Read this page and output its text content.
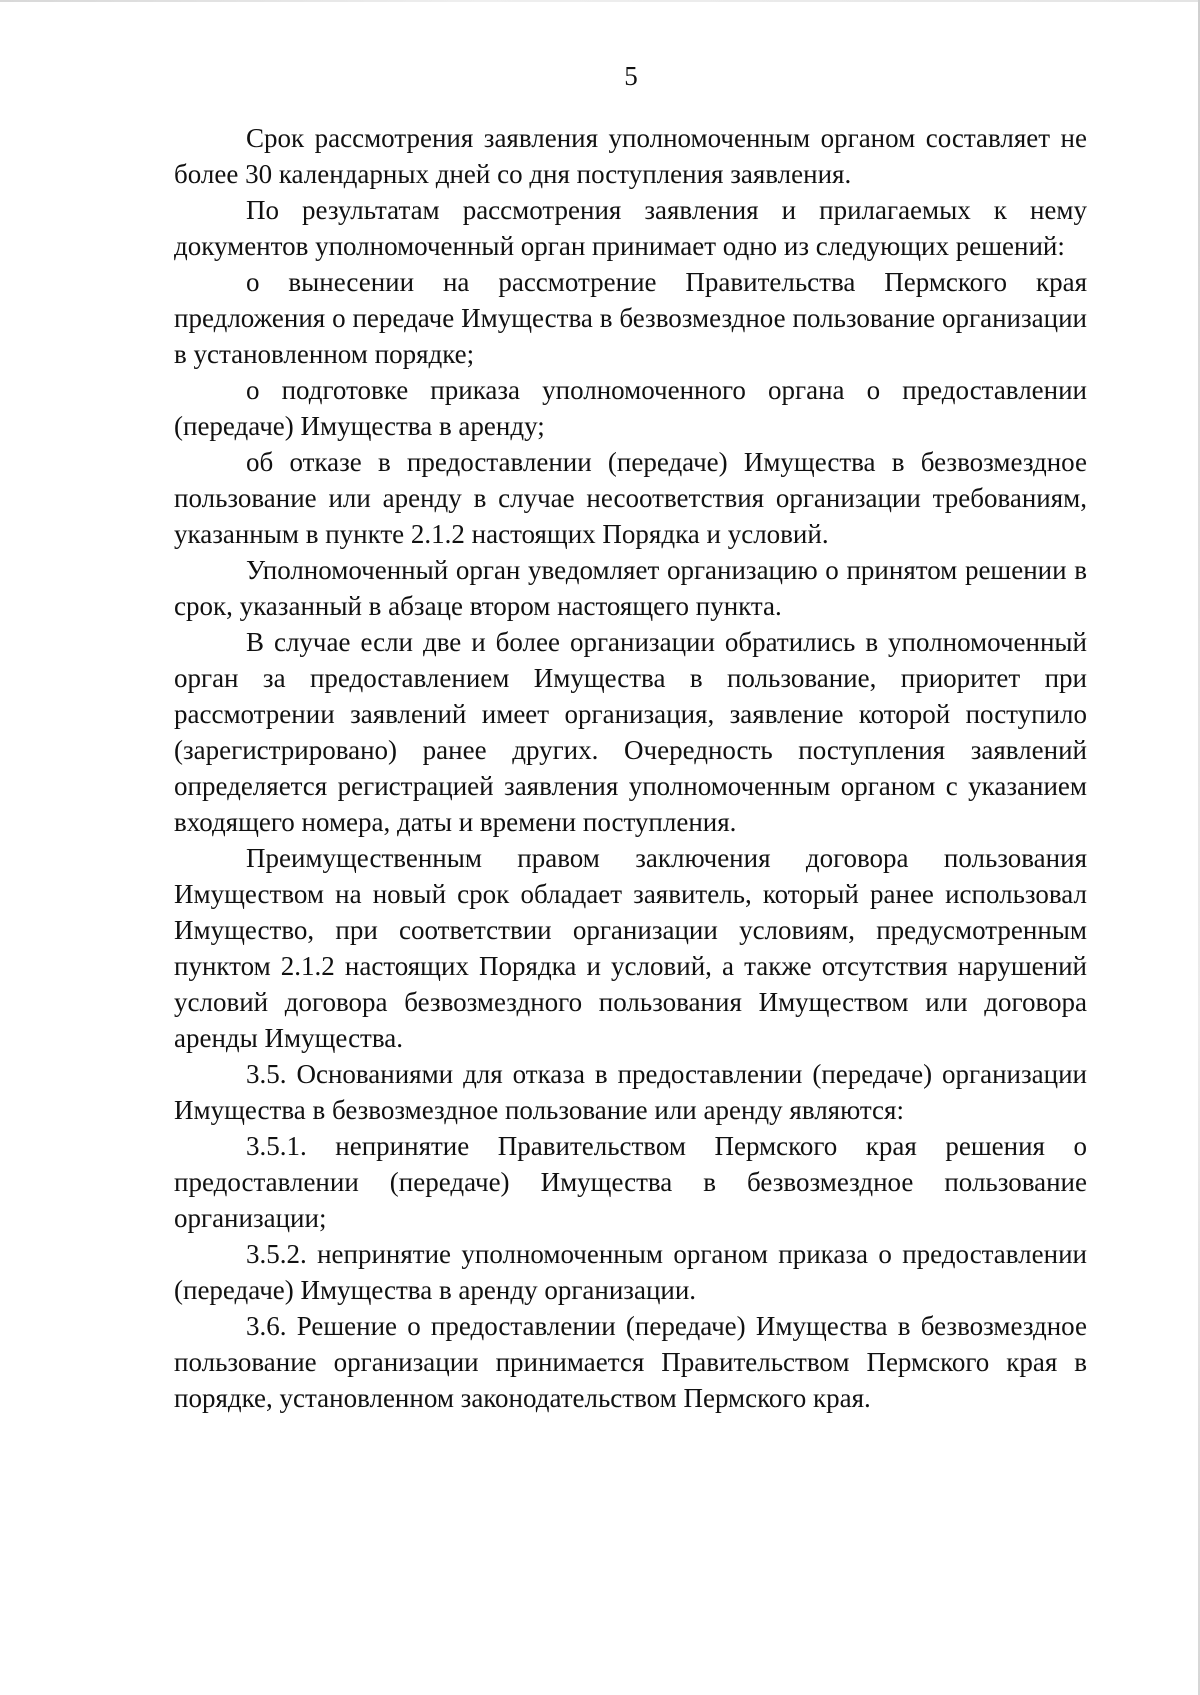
5

Срок рассмотрения заявления уполномоченным органом составляет не более 30 календарных дней со дня поступления заявления.

По результатам рассмотрения заявления и прилагаемых к нему документов уполномоченный орган принимает одно из следующих решений:

о вынесении на рассмотрение Правительства Пермского края предложения о передаче Имущества в безвозмездное пользование организации в установленном порядке;

о подготовке приказа уполномоченного органа о предоставлении (передаче) Имущества в аренду;

об отказе в предоставлении (передаче) Имущества в безвозмездное пользование или аренду в случае несоответствия организации требованиям, указанным в пункте 2.1.2 настоящих Порядка и условий.

Уполномоченный орган уведомляет организацию о принятом решении в срок, указанный в абзаце втором настоящего пункта.

В случае если две и более организации обратились в уполномоченный орган за предоставлением Имущества в пользование, приоритет при рассмотрении заявлений имеет организация, заявление которой поступило (зарегистрировано) ранее других. Очередность поступления заявлений определяется регистрацией заявления уполномоченным органом с указанием входящего номера, даты и времени поступления.

Преимущественным правом заключения договора пользования Имуществом на новый срок обладает заявитель, который ранее использовал Имущество, при соответствии организации условиям, предусмотренным пунктом 2.1.2 настоящих Порядка и условий, а также отсутствия нарушений условий договора безвозмездного пользования Имуществом или договора аренды Имущества.

3.5. Основаниями для отказа в предоставлении (передаче) организации Имущества в безвозмездное пользование или аренду являются:

3.5.1. непринятие Правительством Пермского края решения о предоставлении (передаче) Имущества в безвозмездное пользование организации;

3.5.2. непринятие уполномоченным органом приказа о предоставлении (передаче) Имущества в аренду организации.

3.6. Решение о предоставлении (передаче) Имущества в безвозмездное пользование организации принимается Правительством Пермского края в порядке, установленном законодательством Пермского края.
